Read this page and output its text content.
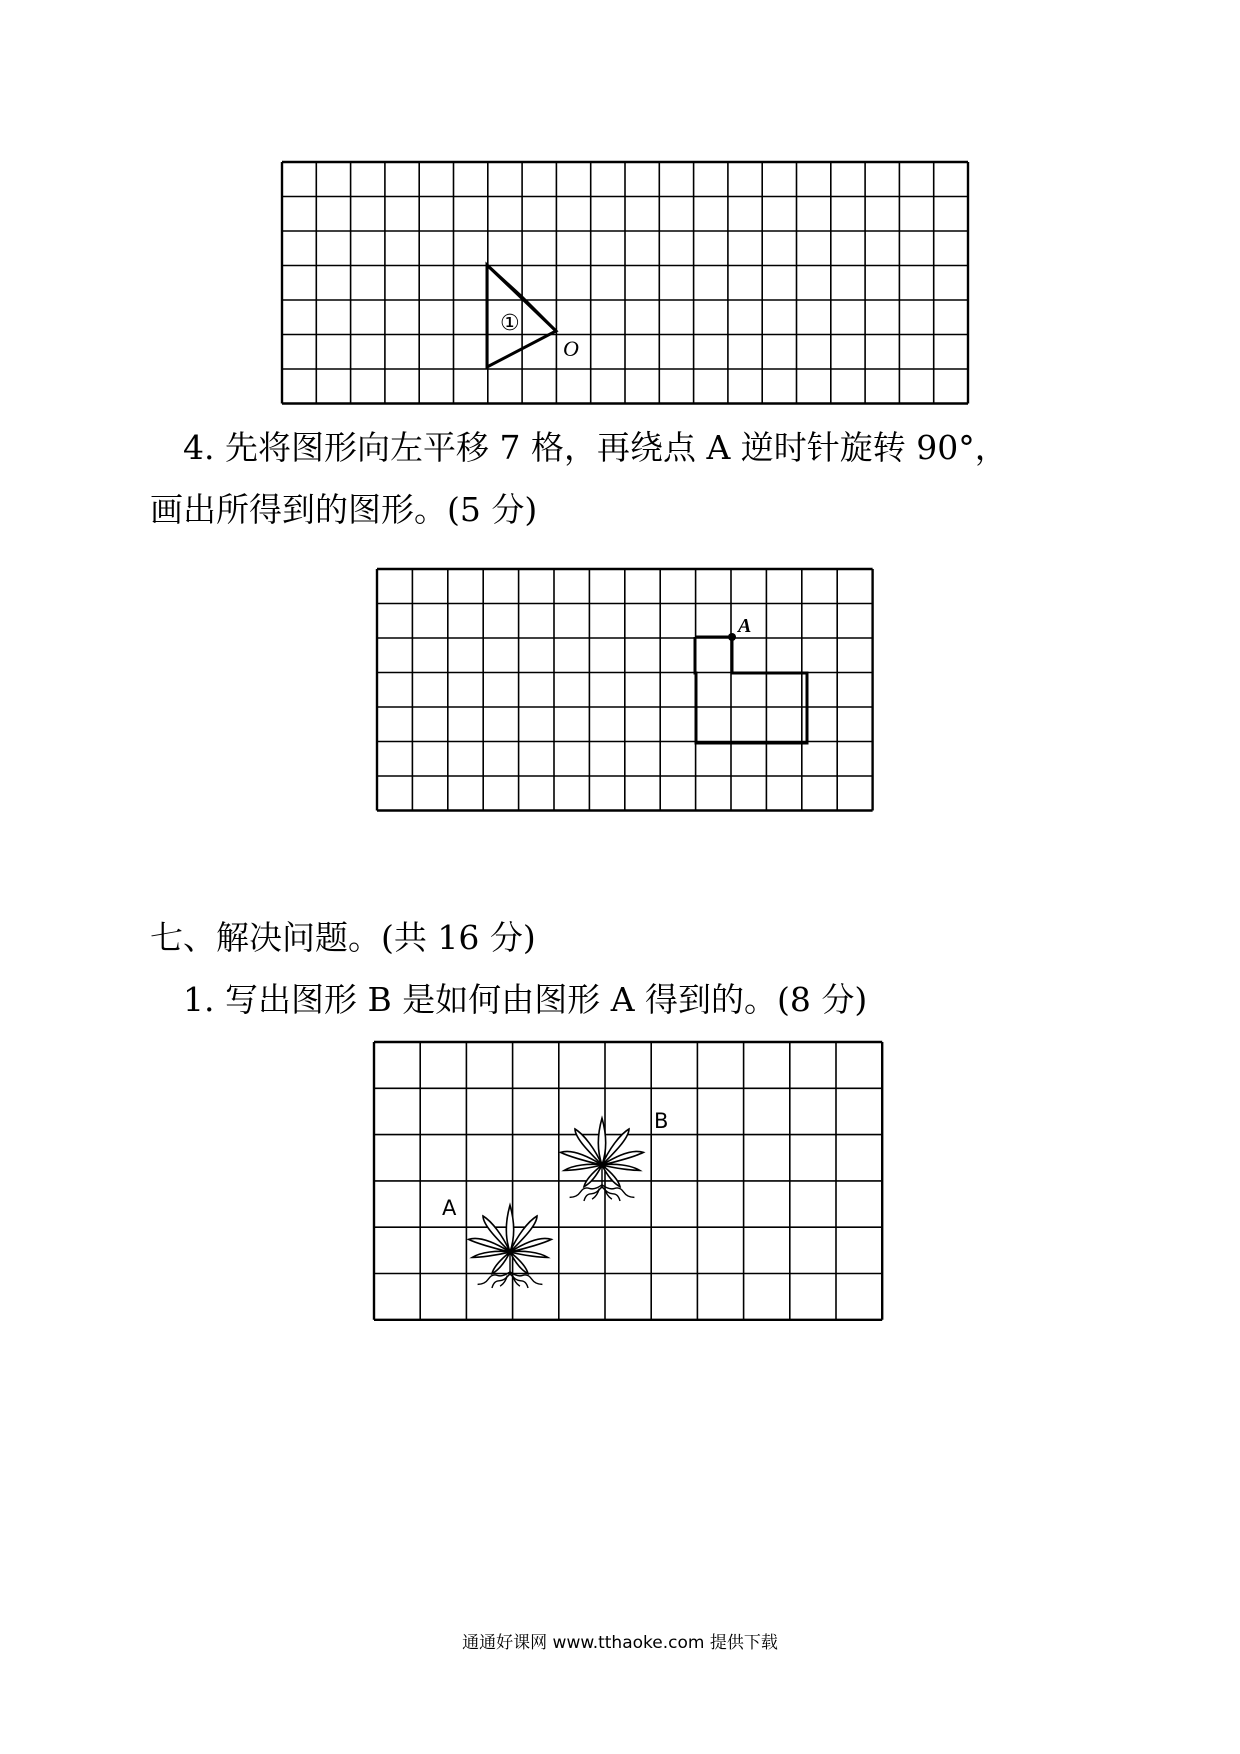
①
O

4. 先将图形向左平移 7 格，再绕点 A 逆时针旋转 90°，

画出所得到的图形。(5 分)

A

七、解决问题。(共 16 分)

1. 写出图形 B 是如何由图形 A 得到的。(8 分)

A
B
通通好课网 www.tthaoke.com 提供下载
